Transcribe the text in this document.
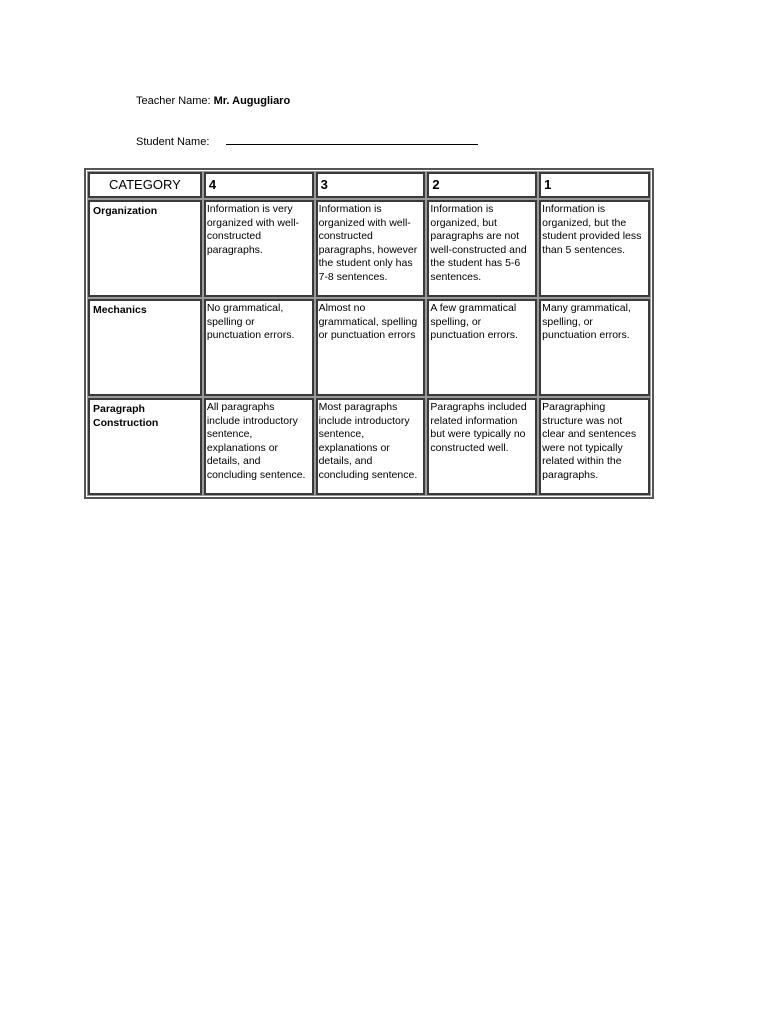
Teacher Name: Mr. Augugliaro
Student Name:
CATEGORY	4	3	2	1
Organization	Information is very organized with well-constructed paragraphs.	Information is organized with well-constructed paragraphs, however the student only has 7-8 sentences.	Information is organized, but paragraphs are not well-constructed and the student has 5-6 sentences.	Information is organized, but the student provided less than 5 sentences.
Mechanics	No grammatical, spelling or punctuation errors.	Almost no grammatical, spelling or punctuation errors	A few grammatical spelling, or punctuation errors.	Many grammatical, spelling, or punctuation errors.
Paragraph Construction	All paragraphs include introductory sentence, explanations or details, and concluding sentence.	Most paragraphs include introductory sentence, explanations or details, and concluding sentence.	Paragraphs included related information but were typically no constructed well.	Paragraphing structure was not clear and sentences were not typically related within the paragraphs.
